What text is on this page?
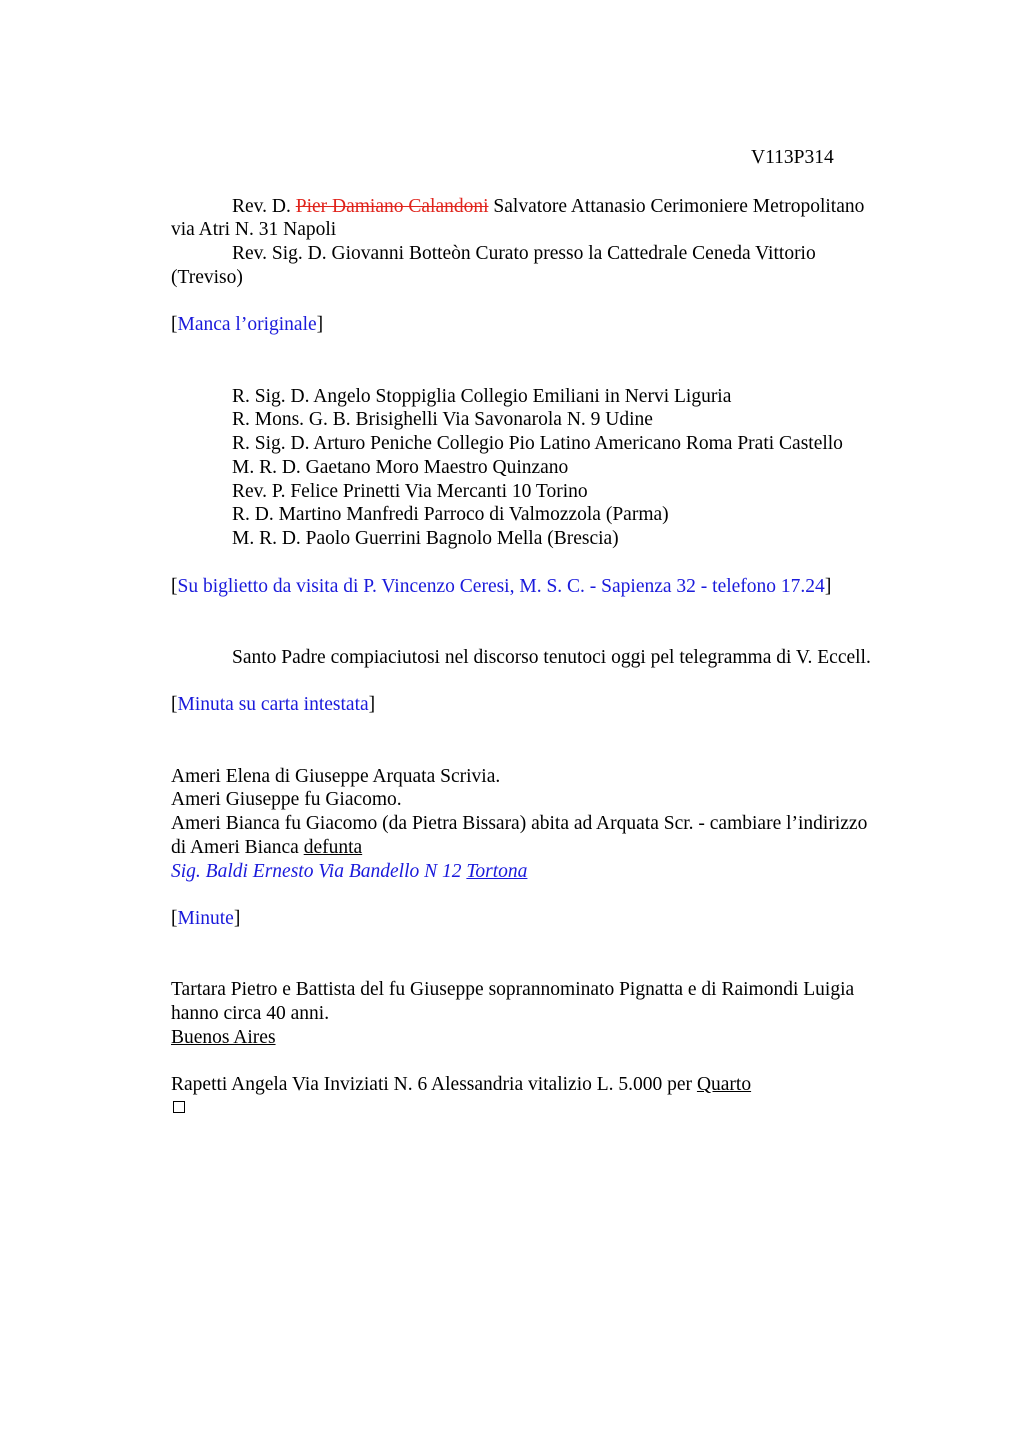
V113P314
Rev. D. Pier Damiano Calandoni Salvatore Attanasio Cerimoniere Metropolitano
via Atri N. 31 Napoli
Rev. Sig. D. Giovanni Botteòn Curato presso la Cattedrale Ceneda Vittorio
(Treviso)
[Manca l’originale]
R. Sig. D. Angelo Stoppiglia Collegio Emiliani in Nervi Liguria
R. Mons. G. B. Brisighelli Via Savonarola N. 9 Udine
R. Sig. D. Arturo Peniche Collegio Pio Latino Americano Roma Prati Castello
M. R. D. Gaetano Moro Maestro Quinzano
Rev. P. Felice Prinetti Via Mercanti 10 Torino
R. D. Martino Manfredi Parroco di Valmozzola (Parma)
M. R. D. Paolo Guerrini Bagnolo Mella (Brescia)
[Su biglietto da visita di P. Vincenzo Ceresi, M. S. C. - Sapienza 32 - telefono 17.24]
Santo Padre compiaciutosi nel discorso tenutoci oggi pel telegramma di V. Eccell.
[Minuta su carta intestata]
Ameri Elena di Giuseppe Arquata Scrivia.
Ameri Giuseppe fu Giacomo.
Ameri Bianca fu Giacomo (da Pietra Bissara) abita ad Arquata Scr. - cambiare l’indirizzo
di Ameri Bianca defunta
Sig. Baldi Ernesto Via Bandello N 12 Tortona
[Minute]
Tartara Pietro e Battista del fu Giuseppe soprannominato Pignatta e di Raimondi Luigia
hanno circa 40 anni.
Buenos Aires
Rapetti Angela Via Inviziati N. 6 Alessandria vitalizio L. 5.000 per Quarto
